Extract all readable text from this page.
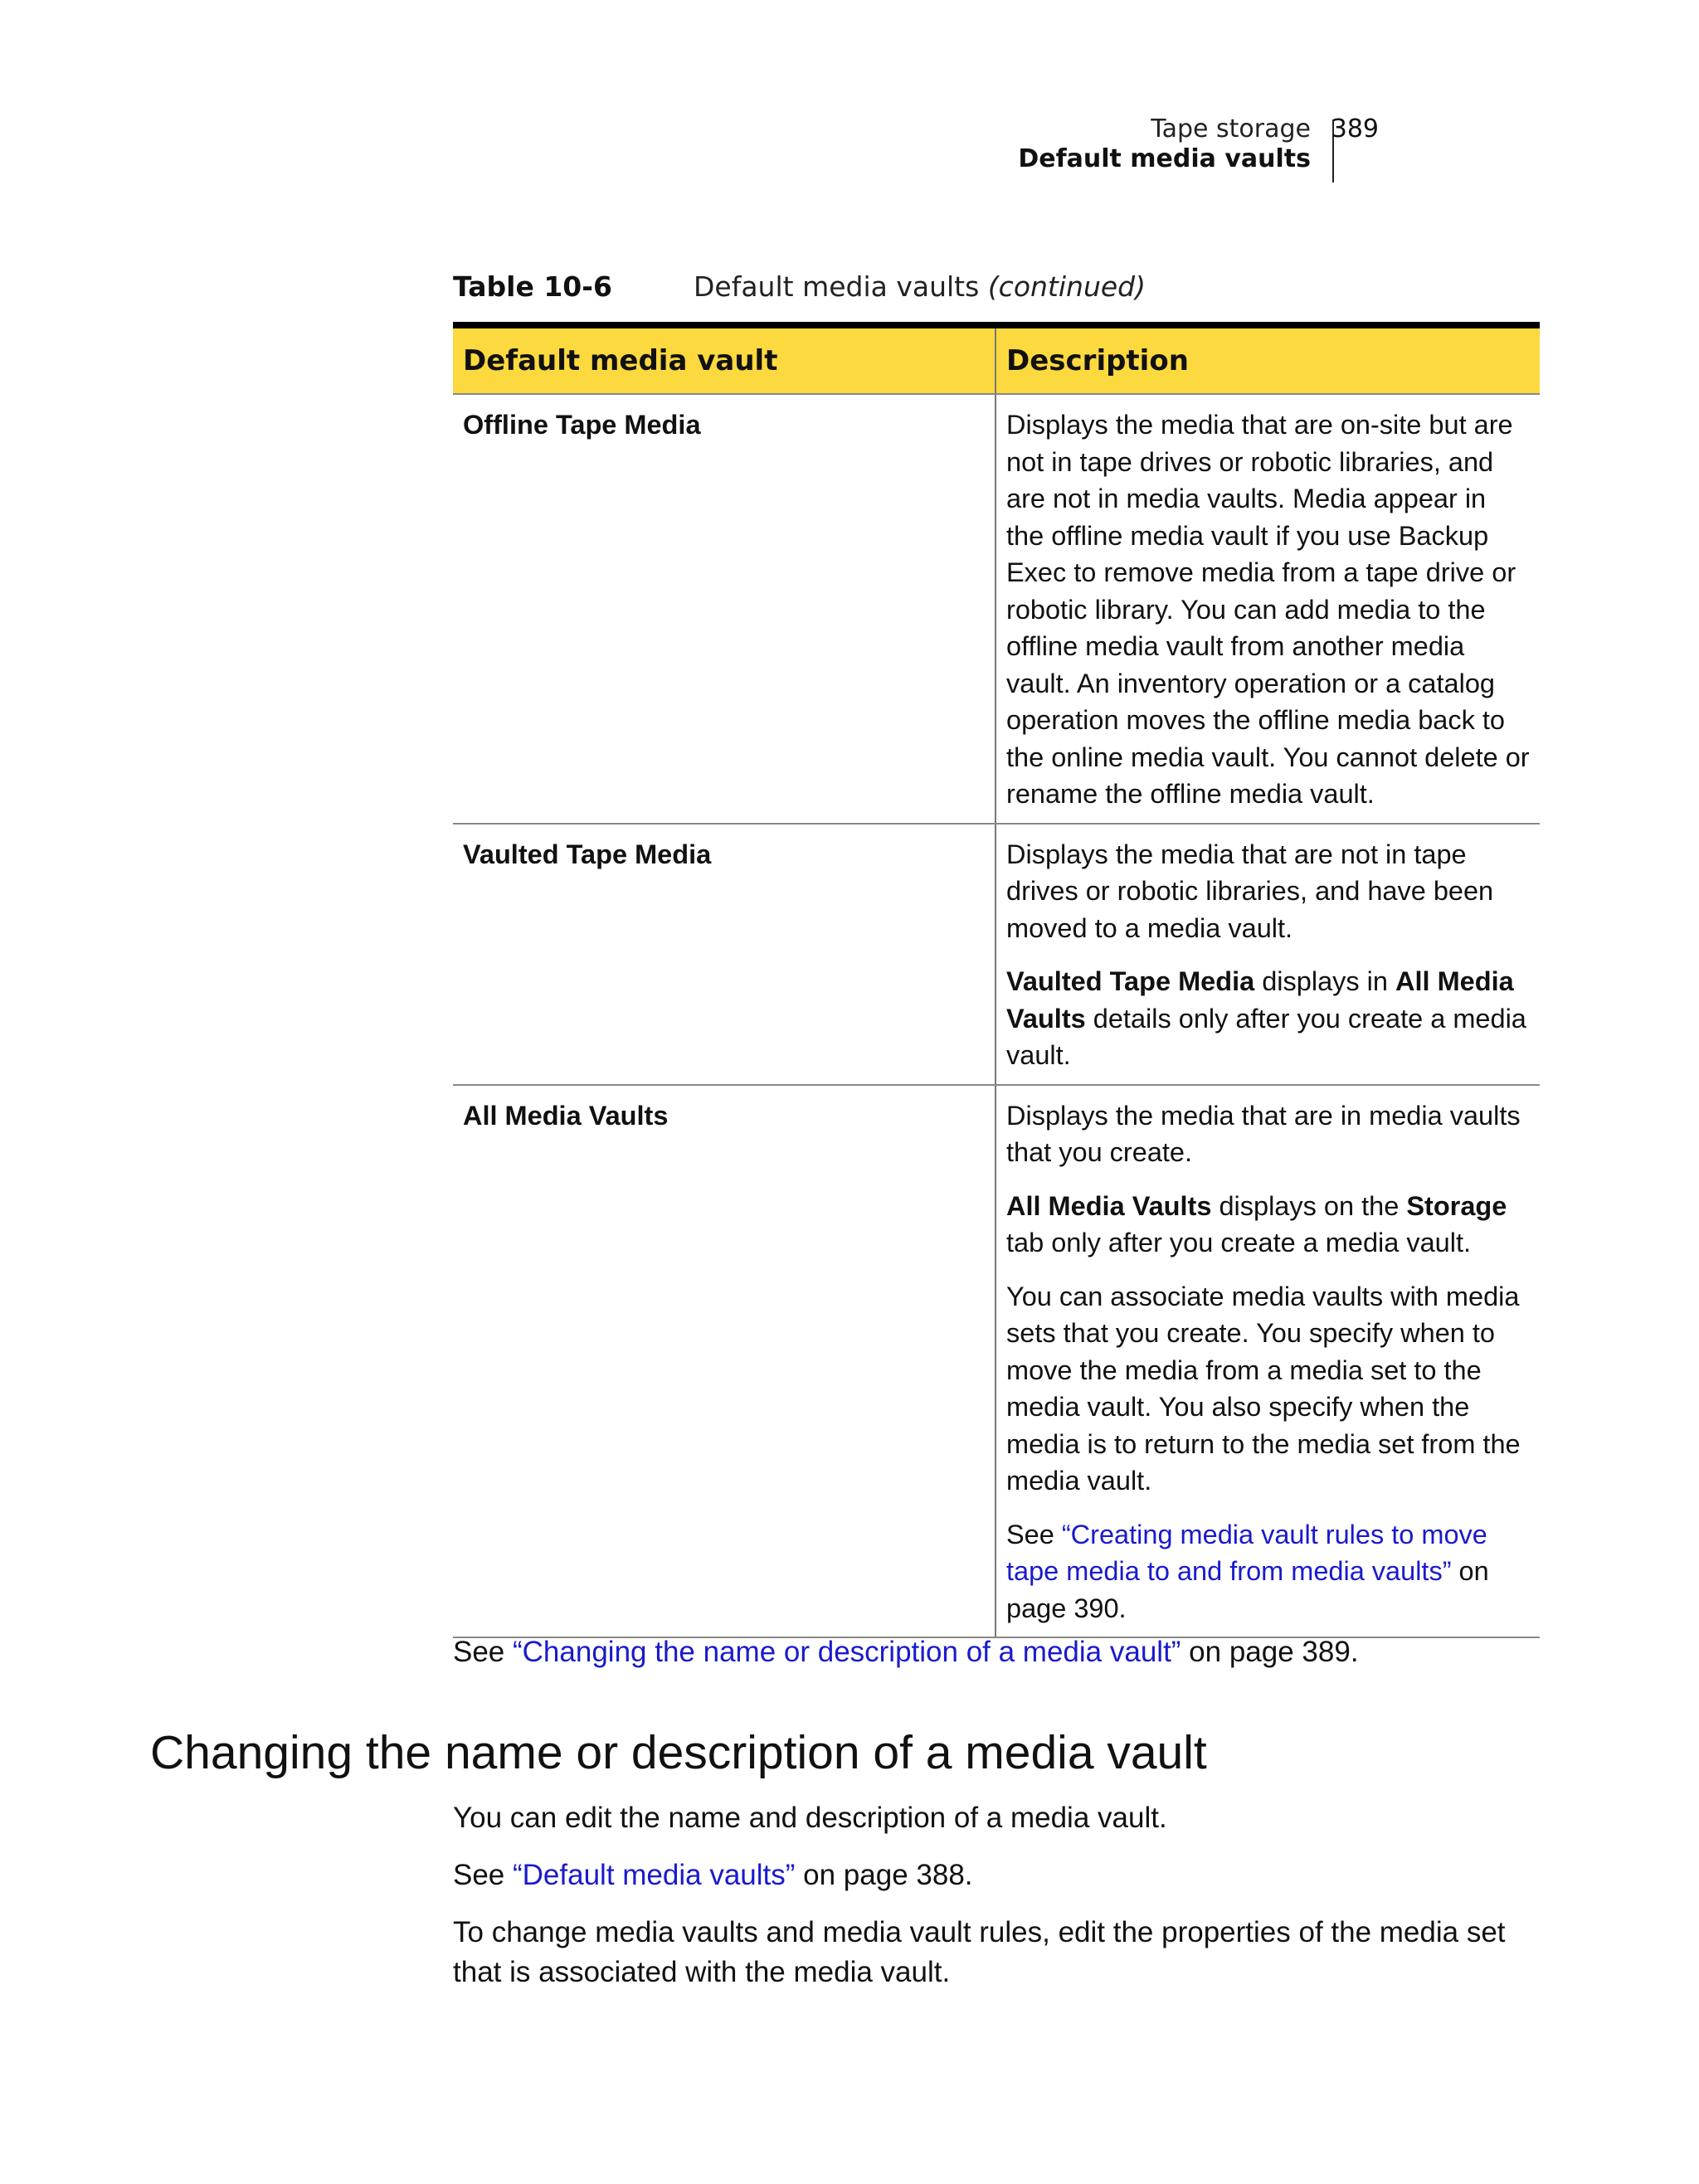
Tape storage
Default media vaults
389
Table 10-6	Default media vaults (continued)
Default media vault	Description
Offline Tape Media	Displays the media that are on-site but are not in tape drives or robotic libraries, and are not in media vaults. Media appear in the offline media vault if you use Backup Exec to remove media from a tape drive or robotic library. You can add media to the offline media vault from another media vault. An inventory operation or a catalog operation moves the offline media back to the online media vault. You cannot delete or rename the offline media vault.

Vaulted Tape Media	Displays the media that are not in tape drives or robotic libraries, and have been moved to a media vault.

Vaulted Tape Media displays in All Media Vaults details only after you create a media vault.

All Media Vaults	Displays the media that are in media vaults that you create.

All Media Vaults displays on the Storage tab only after you create a media vault.

You can associate media vaults with media sets that you create. You specify when to move the media from a media set to the media vault. You also specify when the media is to return to the media set from the media vault.

See “Creating media vault rules to move tape media to and from media vaults” on page 390.

See “Changing the name or description of a media vault” on page 389.
Changing the name or description of a media vault

You can edit the name and description of a media vault.

See “Default media vaults” on page 388.

To change media vaults and media vault rules, edit the properties of the media set that is associated with the media vault.
